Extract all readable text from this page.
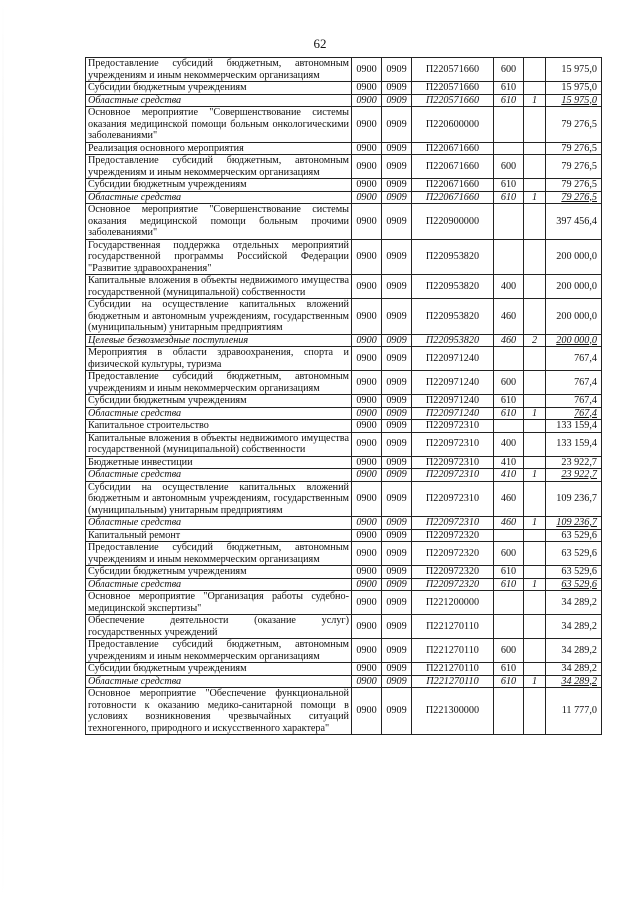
62
Предоставление субсидий бюджетным, автономным учреждениям и иным некоммерческим организациям	0900	0909	П220571660	600		15 975,0
Субсидии бюджетным учреждениям	0900	0909	П220571660	610		15 975,0
Областные средства	0900	0909	П220571660	610	1	15 975,0
Основное мероприятие "Совершенствование системы оказания медицинской помощи больным онкологическими заболеваниями"	0900	0909	П220600000			79 276,5
Реализация основного мероприятия	0900	0909	П220671660			79 276,5
Предоставление субсидий бюджетным, автономным учреждениям и иным некоммерческим организациям	0900	0909	П220671660	600		79 276,5
Субсидии бюджетным учреждениям	0900	0909	П220671660	610		79 276,5
Областные средства	0900	0909	П220671660	610	1	79 276,5
Основное мероприятие "Совершенствование системы оказания медицинской помощи больным прочими заболеваниями"	0900	0909	П220900000			397 456,4
Государственная поддержка отдельных мероприятий государственной программы Российской Федерации "Развитие здравоохранения"	0900	0909	П220953820			200 000,0
Капитальные вложения в объекты недвижимого имущества государственной (муниципальной) собственности	0900	0909	П220953820	400		200 000,0
Субсидии на осуществление капитальных вложений бюджетным и автономным учреждениям, государственным (муниципальным) унитарным предприятиям	0900	0909	П220953820	460		200 000,0
Целевые безвозмездные поступления	0900	0909	П220953820	460	2	200 000,0
Мероприятия в области здравоохранения, спорта и физической культуры, туризма	0900	0909	П220971240			767,4
Предоставление субсидий бюджетным, автономным учреждениям и иным некоммерческим организациям	0900	0909	П220971240	600		767,4
Субсидии бюджетным учреждениям	0900	0909	П220971240	610		767,4
Областные средства	0900	0909	П220971240	610	1	767,4
Капитальное строительство	0900	0909	П220972310			133 159,4
Капитальные вложения в объекты недвижимого имущества государственной (муниципальной) собственности	0900	0909	П220972310	400		133 159,4
Бюджетные инвестиции	0900	0909	П220972310	410		23 922,7
Областные средства	0900	0909	П220972310	410	1	23 922,7
Субсидии на осуществление капитальных вложений бюджетным и автономным учреждениям, государственным (муниципальным) унитарным предприятиям	0900	0909	П220972310	460		109 236,7
Областные средства	0900	0909	П220972310	460	1	109 236,7
Капитальный ремонт	0900	0909	П220972320			63 529,6
Предоставление субсидий бюджетным, автономным учреждениям и иным некоммерческим организациям	0900	0909	П220972320	600		63 529,6
Субсидии бюджетным учреждениям	0900	0909	П220972320	610		63 529,6
Областные средства	0900	0909	П220972320	610	1	63 529,6
Основное мероприятие "Организация работы судебно-медицинской экспертизы"	0900	0909	П221200000			34 289,2
Обеспечение деятельности (оказание услуг) государственных учреждений	0900	0909	П221270110			34 289,2
Предоставление субсидий бюджетным, автономным учреждениям и иным некоммерческим организациям	0900	0909	П221270110	600		34 289,2
Субсидии бюджетным учреждениям	0900	0909	П221270110	610		34 289,2
Областные средства	0900	0909	П221270110	610	1	34 289,2
Основное мероприятие "Обеспечение функциональной готовности к оказанию медико-санитарной помощи в условиях возникновения чрезвычайных ситуаций техногенного, природного и искусственного характера"	0900	0909	П221300000			11 777,0
